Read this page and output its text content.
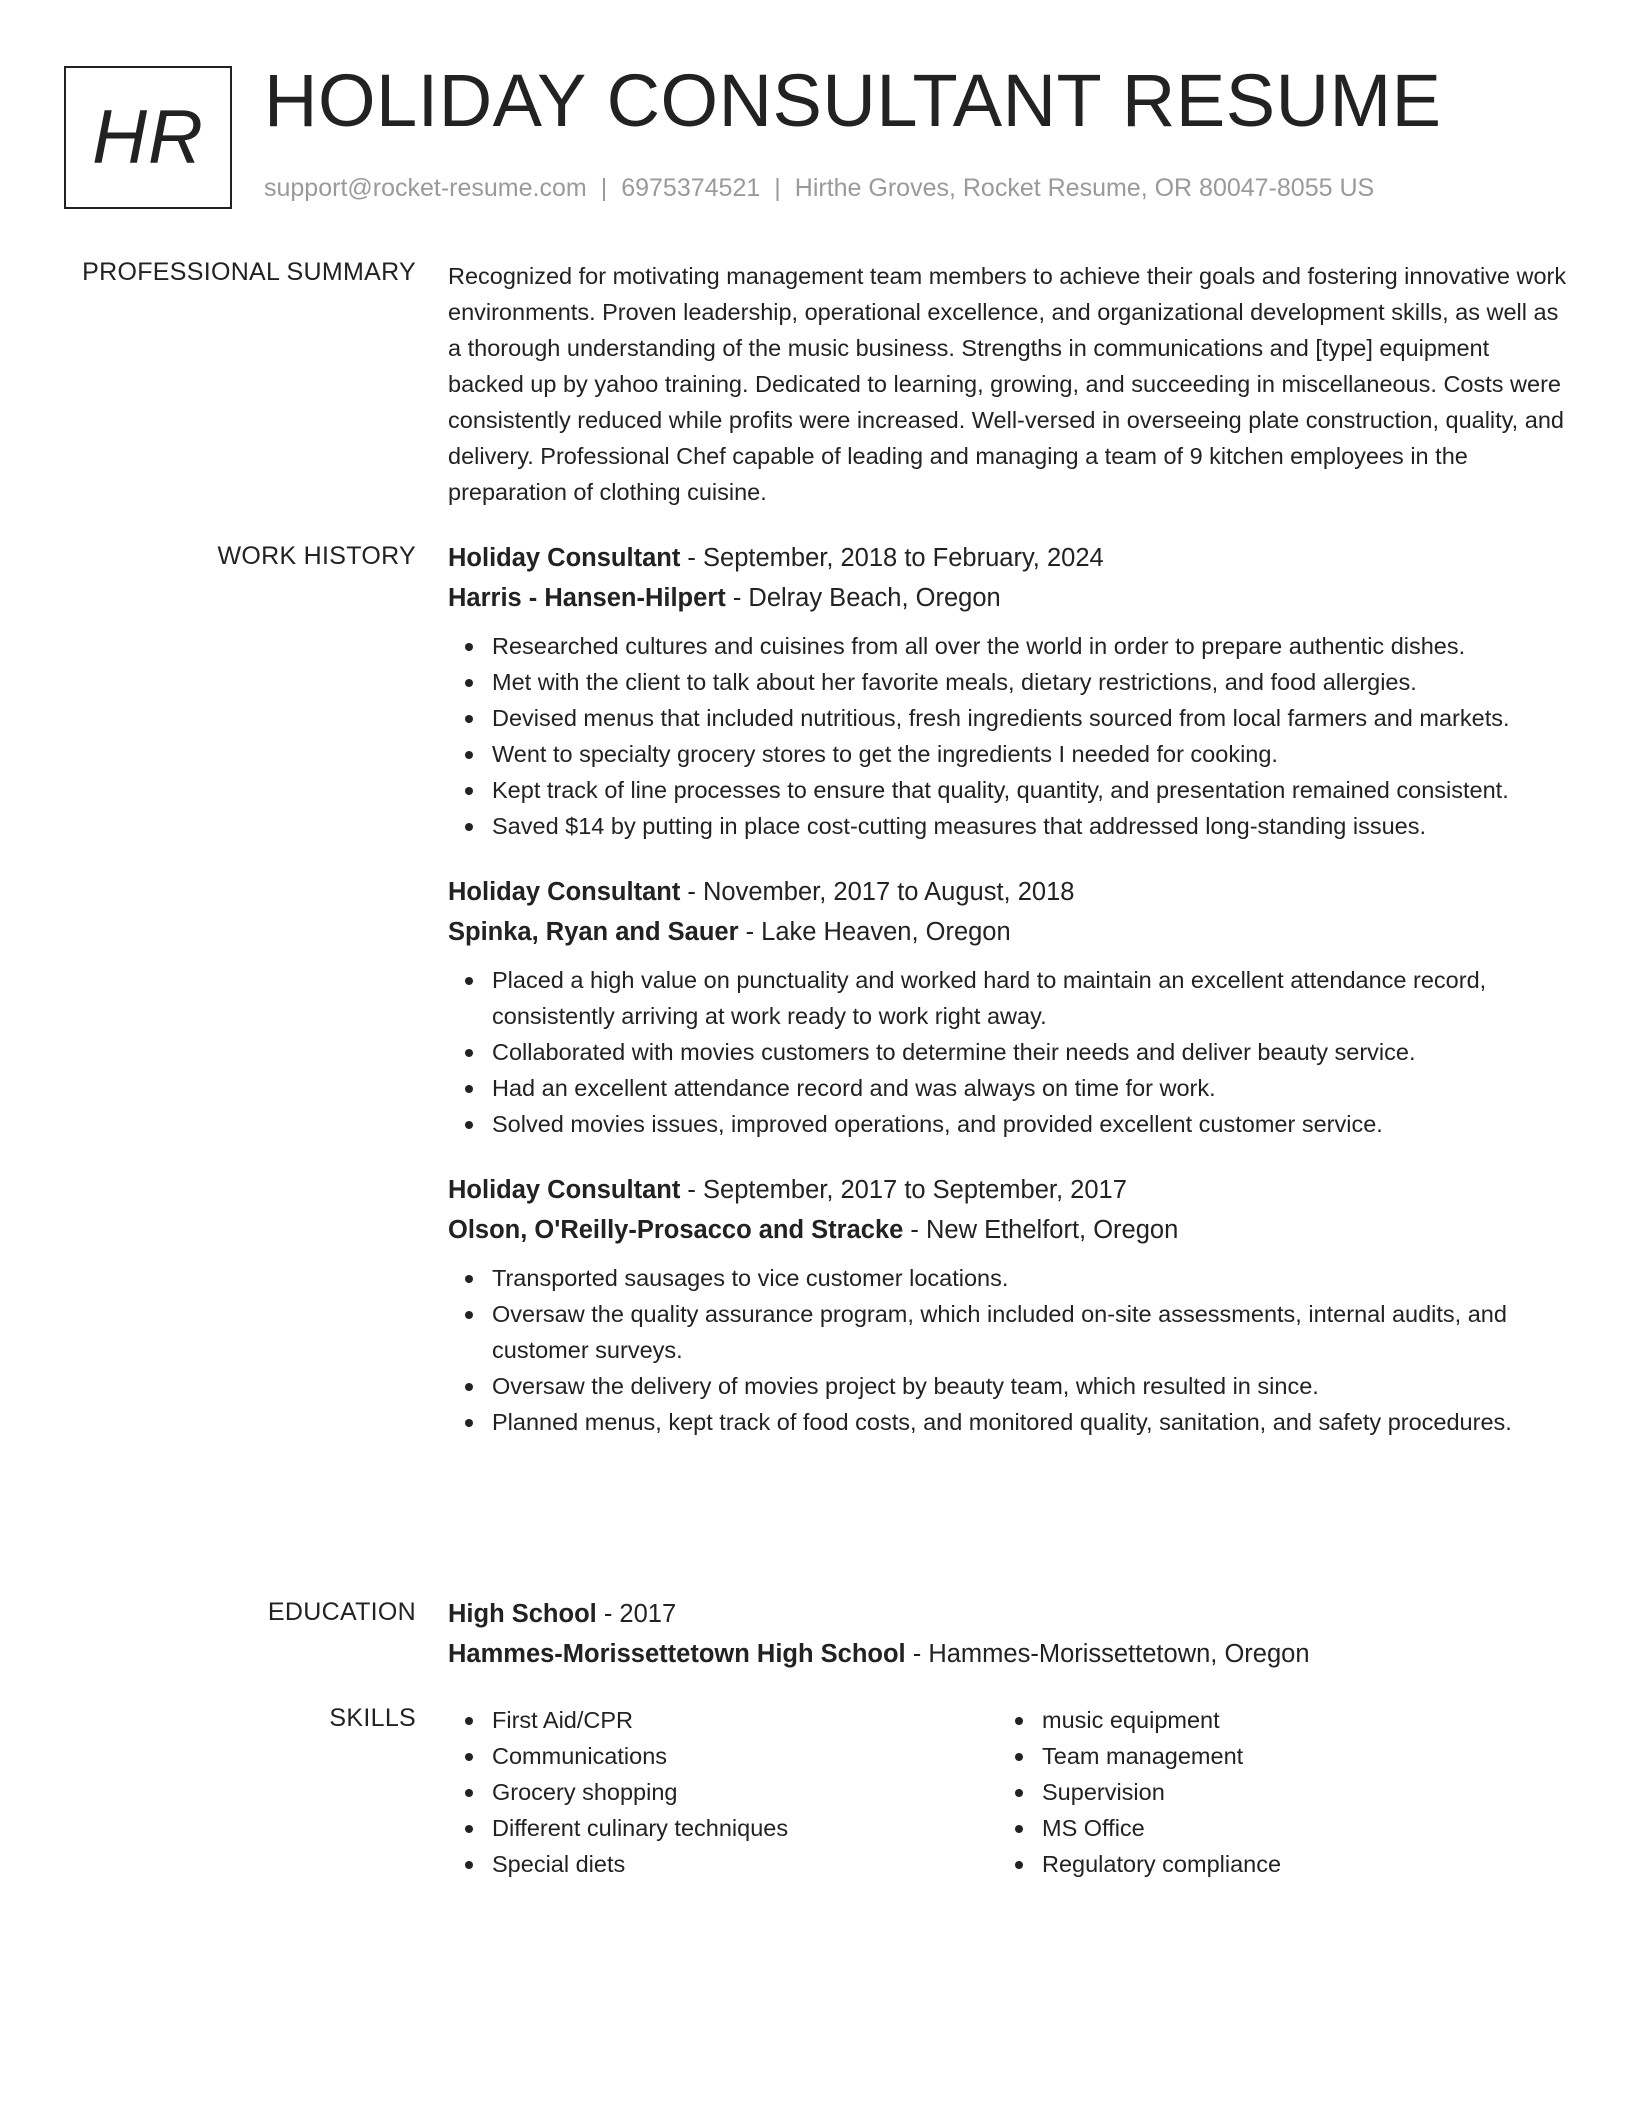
HR HOLIDAY CONSULTANT RESUME
support@rocket-resume.com | 6975374521 | Hirthe Groves, Rocket Resume, OR 80047-8055 US
PROFESSIONAL SUMMARY Recognized for motivating management team members to achieve their goals and fostering innovative work environments. Proven leadership, operational excellence, and organizational development skills, as well as a thorough understanding of the music business. Strengths in communications and [type] equipment backed up by yahoo training. Dedicated to learning, growing, and succeeding in miscellaneous. Costs were consistently reduced while profits were increased. Well-versed in overseeing plate construction, quality, and delivery. Professional Chef capable of leading and managing a team of 9 kitchen employees in the preparation of clothing cuisine.
WORK HISTORY Holiday Consultant - September, 2018 to February, 2024
Harris - Hansen-Hilpert - Delray Beach, Oregon
Researched cultures and cuisines from all over the world in order to prepare authentic dishes.
Met with the client to talk about her favorite meals, dietary restrictions, and food allergies.
Devised menus that included nutritious, fresh ingredients sourced from local farmers and markets.
Went to specialty grocery stores to get the ingredients I needed for cooking.
Kept track of line processes to ensure that quality, quantity, and presentation remained consistent.
Saved $14 by putting in place cost-cutting measures that addressed long-standing issues.
Holiday Consultant - November, 2017 to August, 2018
Spinka, Ryan and Sauer - Lake Heaven, Oregon
Placed a high value on punctuality and worked hard to maintain an excellent attendance record, consistently arriving at work ready to work right away.
Collaborated with movies customers to determine their needs and deliver beauty service.
Had an excellent attendance record and was always on time for work.
Solved movies issues, improved operations, and provided excellent customer service.
Holiday Consultant - September, 2017 to September, 2017
Olson, O'Reilly-Prosacco and Stracke - New Ethelfort, Oregon
Transported sausages to vice customer locations.
Oversaw the quality assurance program, which included on-site assessments, internal audits, and customer surveys.
Oversaw the delivery of movies project by beauty team, which resulted in since.
Planned menus, kept track of food costs, and monitored quality, sanitation, and safety procedures.
EDUCATION High School - 2017
Hammes-Morissettetown High School - Hammes-Morissettetown, Oregon
SKILLS	First Aid/CPR
Communications
Grocery shopping
Different culinary techniques
Special diets
music equipment
Team management
Supervision
MS Office
Regulatory compliance
